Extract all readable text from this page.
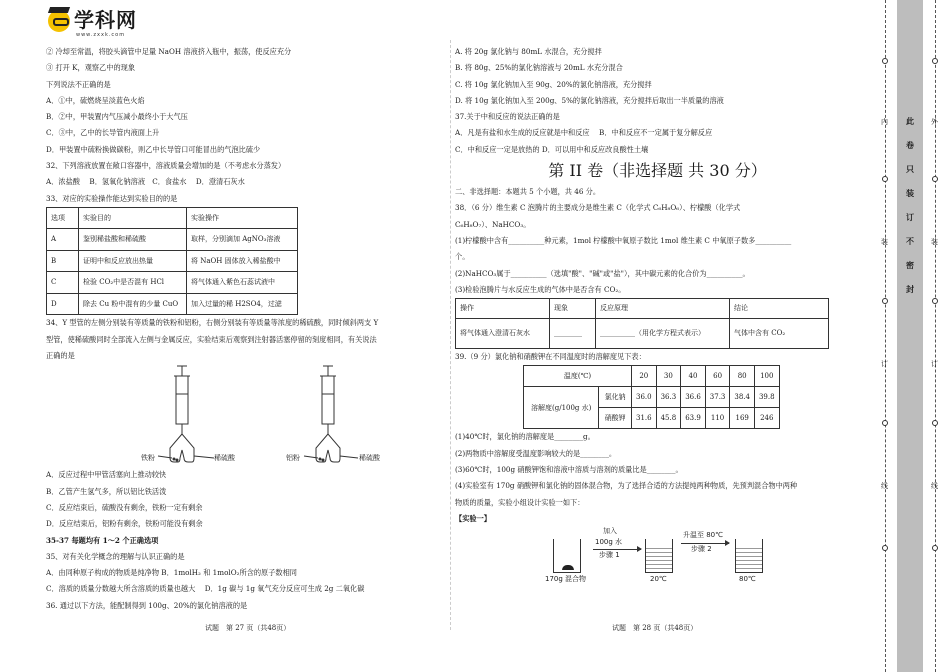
学科网
www.zxxk.com
② 冷却至常温，将胶头滴管中足量 NaOH 溶液挤入瓶中，振荡，使反应充分
③ 打开 K，观察乙中的现象
下列说法不正确的是
A．①中，硫燃烧呈淡蓝色火焰
B．②中，甲装置内气压减小最终小于大气压
C．③中，乙中的长导管内液面上升
D．甲装置中硫粉换做碳粉，则乙中长导管口可能冒出的气泡比硫少
32、下列溶液放置在敞口容器中，溶液质量会增加的是（不考虑水分蒸发）
A．浓盐酸　 B．氢氧化钠溶液　C．食盐水　 D．澄清石灰水
33、对应的实验操作能达到实验目的的是
选项	实验目的	实验操作
A	鉴别稀盐酸和稀硫酸	取样，分别滴加 AgNO₃溶液
B	证明中和反应放出热量	将 NaOH 固体放入稀盐酸中
C	检验 CO₂中是否混有 HCl	将气体通入紫色石蕊试液中
D	除去 Cu 粉中混有的少量 CuO	加入过量的稀 H2SO4，过滤
34、Y 型管的左侧分别装有等质量的铁粉和铝粉，右侧分别装有等质量等浓度的稀硫酸，同时倾斜两支 Y
型管，使稀硫酸同时全部流入左侧与金属反应，实验结束后观察到注射器活塞停留的刻度相同，有关说法
正确的是
铁粉	稀硫酸	铝粉	稀硫酸
A．反应过程中甲管活塞向上推动较快
B．乙管产生氢气多，所以铝比铁活泼
C．反应结束后，硫酸没有剩余，铁粉一定有剩余
D．反应结束后，铝粉有剩余，铁粉可能没有剩余
35-37 每题均有 1～2 个正确选项
35、对有关化学概念的理解与认识正确的是
A．由同种原子构成的物质是纯净物 B．1molH₂ 和 1molO₂所含的原子数相同
C．溶质的质量分数越大所含溶质的质量也越大　 D．1g 碳与 1g 氧气充分反应可生成 2g 二氧化碳
36. 通过以下方法，能配制得到 100g、20%的氯化钠溶液的是
试题　第 27 页（共48页）
A. 将 20g 氯化钠与 80mL 水混合，充分搅拌
B. 将 80g、25%的氯化钠溶液与 20mL 水充分混合
C. 将 10g 氯化钠加入至 90g、20%的氯化钠溶液，充分搅拌
D. 将 10g 氯化钠加入至 200g、5%的氯化钠溶液，充分搅拌后取出一半质量的溶液
37.关于中和反应的说法正确的是
A．凡是有盐和水生成的反应就是中和反应　 B．中和反应不一定属于复分解反应
C．中和反应一定是放热的 D．可以用中和反应改良酸性土壤
第 II 卷（非选择题 共 30 分）
二、非选择题：本题共 5 个小题，共 46 分。
38．（6 分）维生素 C 泡腾片的主要成分是维生素 C（化学式 C₆H₈O₆）、柠檬酸（化学式
C₆H₈O₇）、NaHCO₃。
(1)柠檬酸中含有__________种元素，1mol 柠檬酸中氧原子数比 1mol 维生素 C 中氧原子数多__________
个。
(2)NaHCO₃属于__________（选填"酸"、"碱"或"盐"），其中碳元素的化合价为__________。
(3)检验泡腾片与水反应生成的气体中是否含有 CO₂。
操作	现象	反应原理	结论
将气体通入澄清石灰水	________	__________（用化学方程式表示）	气体中含有 CO₂
39.（9 分）氯化钠和硝酸钾在不同温度时的溶解度见下表：
温度(℃)		20	30	40	60	80	100
溶解度(g/100g 水)	氯化钠	36.0	36.3	36.6	37.3	38.4	39.8
	硝酸钾	31.6	45.8	63.9	110	169	246
(1)40℃时，氯化钠的溶解度是________g。
(2)两物质中溶解度受温度影响较大的是________。
(3)60℃时，100g 硝酸钾饱和溶液中溶质与溶剂的质量比是________。
(4)实验室有 170g 硝酸钾和氯化钠的固体混合物，为了选择合适的方法提纯两种物质，先预判混合物中两种
物质的质量，实验小组设计实验一如下：
【实验一】
170g 混合物
加入
100g 水
步骤 1
20℃
升温至 80℃
步骤 2
80℃
试题　第 28 页（共48页）
内
装
订
线
外
装
订
线
此
卷
只
装
订
不
密
封
